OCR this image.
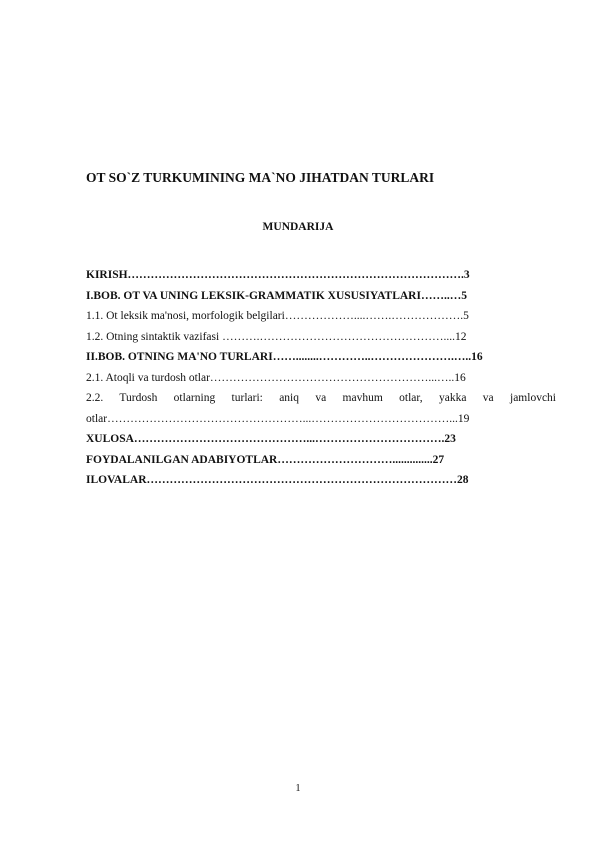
OT SO`Z TURKUMINING MA`NO JIHATDAN TURLARI
MUNDARIJA
KIRISH…………………………………………………………………………….3
I.BOB. OT VA UNING LEKSIK-GRAMMATIK XUSUSIYATLARI……..…5
1.1. Ot leksik ma'nosi, morfologik belgilari………………....…….……………….5
1.2. Otning sintaktik vazifasi ……….…………………………………………....12
II.BOB. OTNING MA'NO TURLARI……........…………..………………….…..16
2.1. Atoqli va turdosh otlar…………………………………………………...…..16
2.2. Turdosh otlarning turlari: aniq va mavhum otlar, yakka va jamlovchi
otlar……………………………………………...………………………………...19
XULOSA………………………………………...…………………………….23
FOYDALANILGAN ADABIYOTLAR…………………………..............27
ILOVALAR………………………………………………………………………28
1
